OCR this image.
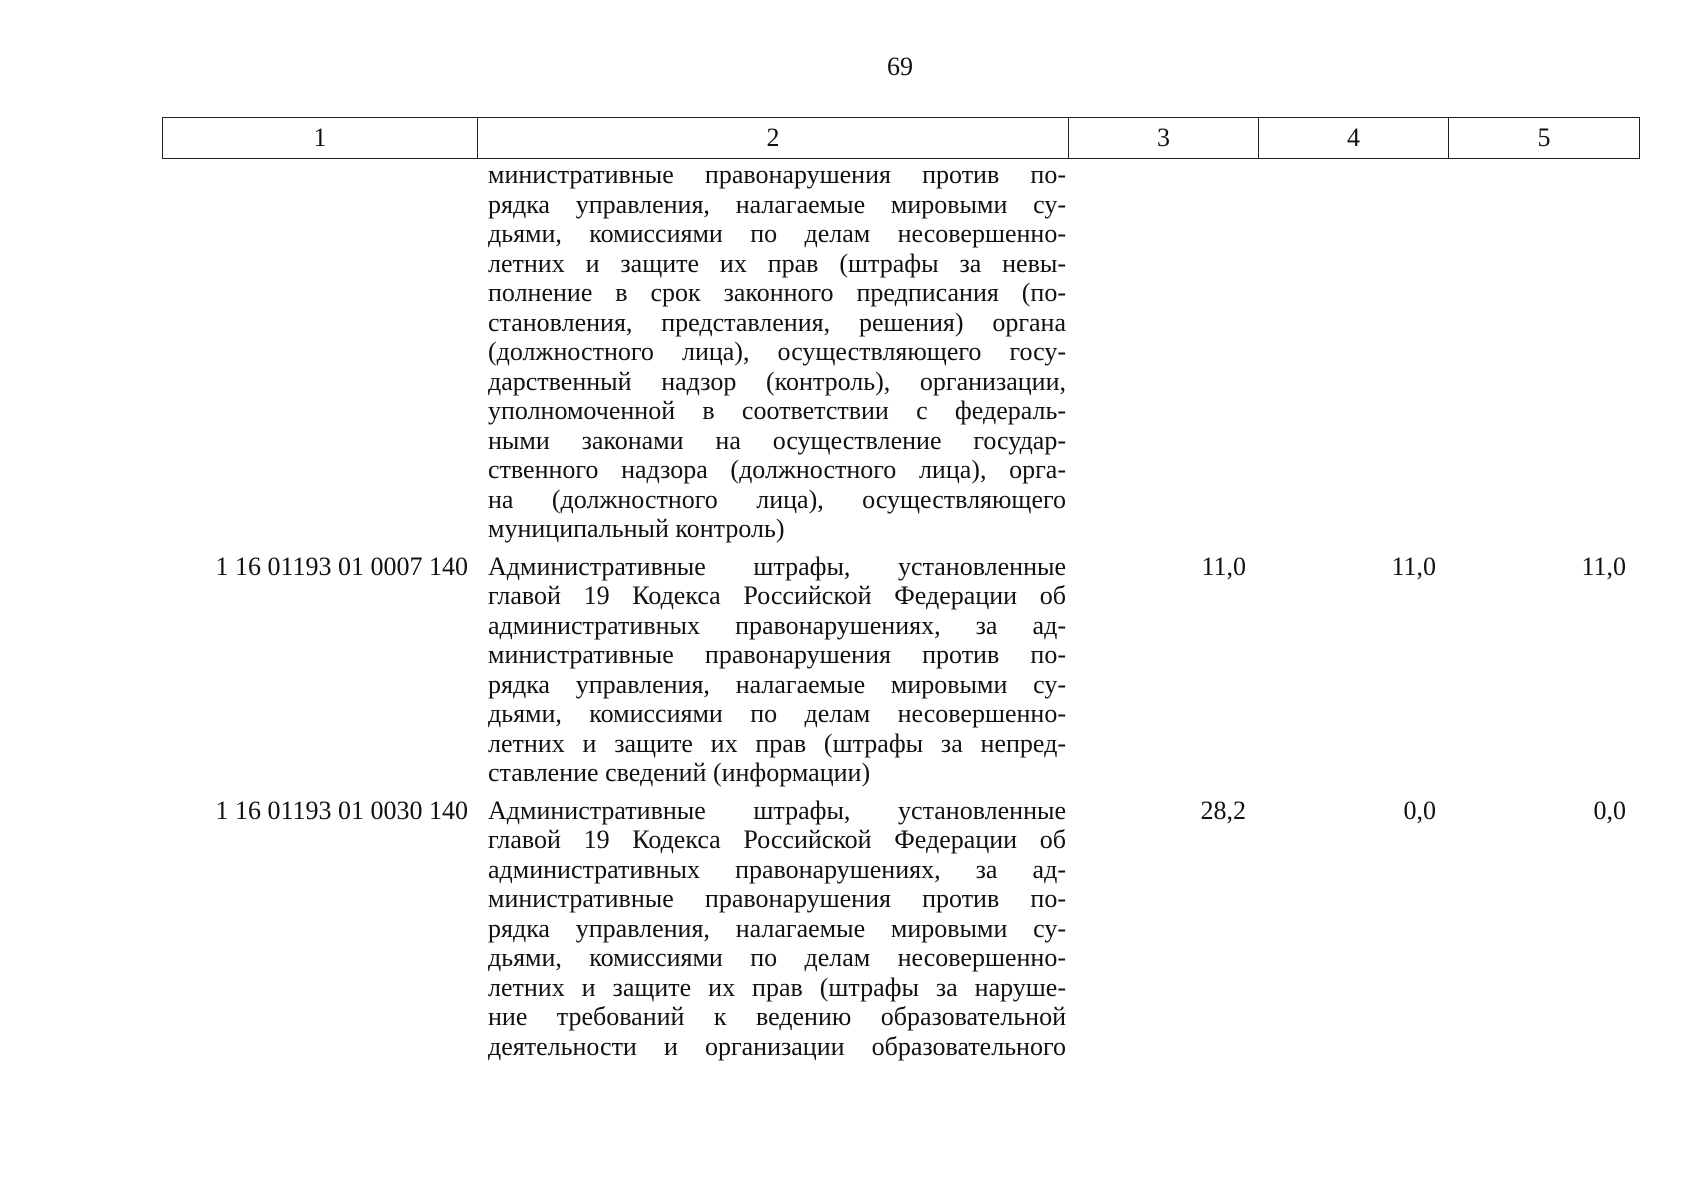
69
1	2	3	4	5
министративные правонарушения против по-
рядка управления, налагаемые мировыми су-
дьями, комиссиями по делам несовершенно-
летних и защите их прав (штрафы за невы-
полнение в срок законного предписания (по-
становления, представления, решения) органа
(должностного лица), осуществляющего госу-
дарственный надзор (контроль), организации,
уполномоченной в соответствии с федераль-
ными законами на осуществление государ-
ственного надзора (должностного лица), орга-
на (должностного лица), осуществляющего
муниципальный контроль)
1 16 01193 01 0007 140 Административные штрафы, установленные
главой 19 Кодекса Российской Федерации об
административных правонарушениях, за ад-
министративные правонарушения против по-
рядка управления, налагаемые мировыми су-
дьями, комиссиями по делам несовершенно-
летних и защите их прав (штрафы за непред-
ставление сведений (информации)
11,0	11,0	11,0
1 16 01193 01 0030 140 Административные штрафы, установленные
главой 19 Кодекса Российской Федерации об
административных правонарушениях, за ад-
министративные правонарушения против по-
рядка управления, налагаемые мировыми су-
дьями, комиссиями по делам несовершенно-
летних и защите их прав (штрафы за наруше-
ние требований к ведению образовательной
деятельности и организации образовательного
28,2	0,0	0,0
